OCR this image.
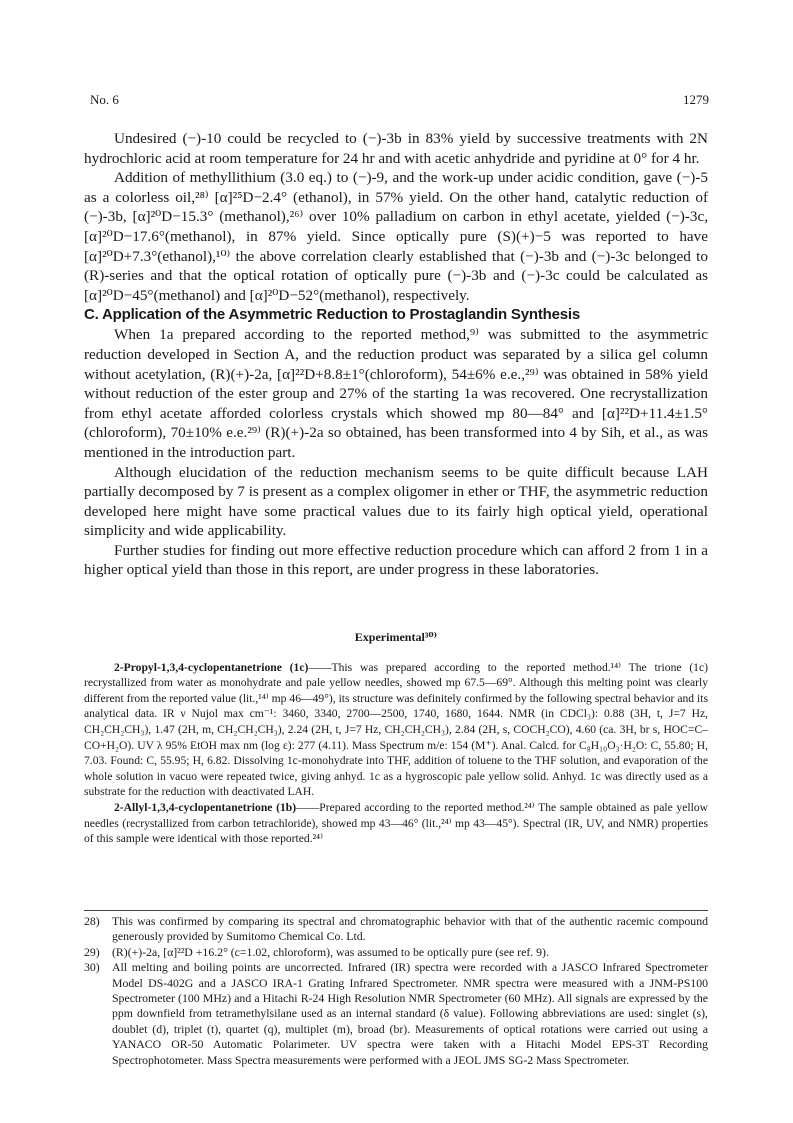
No. 6	1279

Undesired (−)-10 could be recycled to (−)-3b in 83% yield by successive treatments with 2N hydrochloric acid at room temperature for 24 hr and with acetic anhydride and pyridine at 0° for 4 hr.

Addition of methyllithium (3.0 eq.) to (−)-9, and the work-up under acidic condition, gave (−)-5 as a colorless oil,²⁸⁾ [α]²⁵D−2.4° (ethanol), in 57% yield. On the other hand, catalytic reduction of (−)-3b, [α]²⁰D−15.3° (methanol),²⁶⁾ over 10% palladium on carbon in ethyl acetate, yielded (−)-3c, [α]²⁰D−17.6°(methanol), in 87% yield. Since optically pure (S)(+)−5 was reported to have [α]²⁰D+7.3°(ethanol),¹⁰⁾ the above correlation clearly established that (−)-3b and (−)-3c belonged to (R)-series and that the optical rotation of optically pure (−)-3b and (−)-3c could be calculated as [α]²⁰D−45°(methanol) and [α]²⁰D−52°(methanol), respectively.

C. Application of the Asymmetric Reduction to Prostaglandin Synthesis

When 1a prepared according to the reported method,⁹⁾ was submitted to the asymmetric reduction developed in Section A, and the reduction product was separated by a silica gel column without acetylation, (R)(+)-2a, [α]²²D+8.8±1°(chloroform), 54±6% e.e.,²⁹⁾ was obtained in 58% yield without reduction of the ester group and 27% of the starting 1a was recovered. One recrystallization from ethyl acetate afforded colorless crystals which showed mp 80—84° and [α]²²D+11.4±1.5°(chloroform), 70±10% e.e.²⁹⁾ (R)(+)-2a so obtained, has been transformed into 4 by Sih, et al., as was mentioned in the introduction part.

Although elucidation of the reduction mechanism seems to be quite difficult because LAH partially decomposed by 7 is present as a complex oligomer in ether or THF, the asymmetric reduction developed here might have some practical values due to its fairly high optical yield, operational simplicity and wide applicability.

Further studies for finding out more effective reduction procedure which can afford 2 from 1 in a higher optical yield than those in this report, are under progress in these laboratories.

Experimental³⁰⁾

2-Propyl-1,3,4-cyclopentanetrione (1c)——This was prepared according to the reported method.¹⁴⁾ The trione (1c) recrystallized from water as monohydrate and pale yellow needles, showed mp 67.5—69°. Although this melting point was clearly different from the reported value (lit.,¹⁴⁾ mp 46—49°), its structure was definitely confirmed by the following spectral behavior and its analytical data. IR ν Nujol max cm⁻¹: 3460, 3340, 2700—2500, 1740, 1680, 1644. NMR (in CDCl₃): 0.88 (3H, t, J=7 Hz, CH₂CH₂CH₃), 1.47 (2H, m, CH₂CH₂CH₃), 2.24 (2H, t, J=7 Hz, CH₂CH₂CH₃), 2.84 (2H, s, COCH₂CO), 4.60 (ca. 3H, br s, HOC=C–CO+H₂O). UV λ 95% EtOH max nm (log ε): 277 (4.11). Mass Spectrum m/e: 154 (M⁺). Anal. Calcd. for C₈H₁₀O₃·H₂O: C, 55.80; H, 7.03. Found: C, 55.95; H, 6.82. Dissolving 1c-monohydrate into THF, addition of toluene to the THF solution, and evaporation of the whole solution in vacuo were repeated twice, giving anhyd. 1c as a hygroscopic pale yellow solid. Anhyd. 1c was directly used as a substrate for the reduction with deactivated LAH.

2-Allyl-1,3,4-cyclopentanetrione (1b)——Prepared according to the reported method.²⁴⁾ The sample obtained as pale yellow needles (recrystallized from carbon tetrachloride), showed mp 43—46° (lit.,²⁴⁾ mp 43—45°). Spectral (IR, UV, and NMR) properties of this sample were identical with those reported.²⁴⁾

28)	This was confirmed by comparing its spectral and chromatographic behavior with that of the authentic racemic compound generously provided by Sumitomo Chemical Co. Ltd.
29)	(R)(+)-2a, [α]²²D +16.2° (c=1.02, chloroform), was assumed to be optically pure (see ref. 9).
30)	All melting and boiling points are uncorrected. Infrared (IR) spectra were recorded with a JASCO Infrared Spectrometer Model DS-402G and a JASCO IRA-1 Grating Infrared Spectrometer. NMR spectra were measured with a JNM-PS100 Spectrometer (100 MHz) and a Hitachi R-24 High Resolution NMR Spectrometer (60 MHz). All signals are expressed by the ppm downfield from tetramethylsilane used as an internal standard (δ value). Following abbreviations are used: singlet (s), doublet (d), triplet (t), quartet (q), multiplet (m), broad (br). Measurements of optical rotations were carried out using a YANACO OR-50 Automatic Polarimeter. UV spectra were taken with a Hitachi Model EPS-3T Recording Spectrophotometer. Mass Spectra measurements were performed with a JEOL JMS SG-2 Mass Spectrometer.
